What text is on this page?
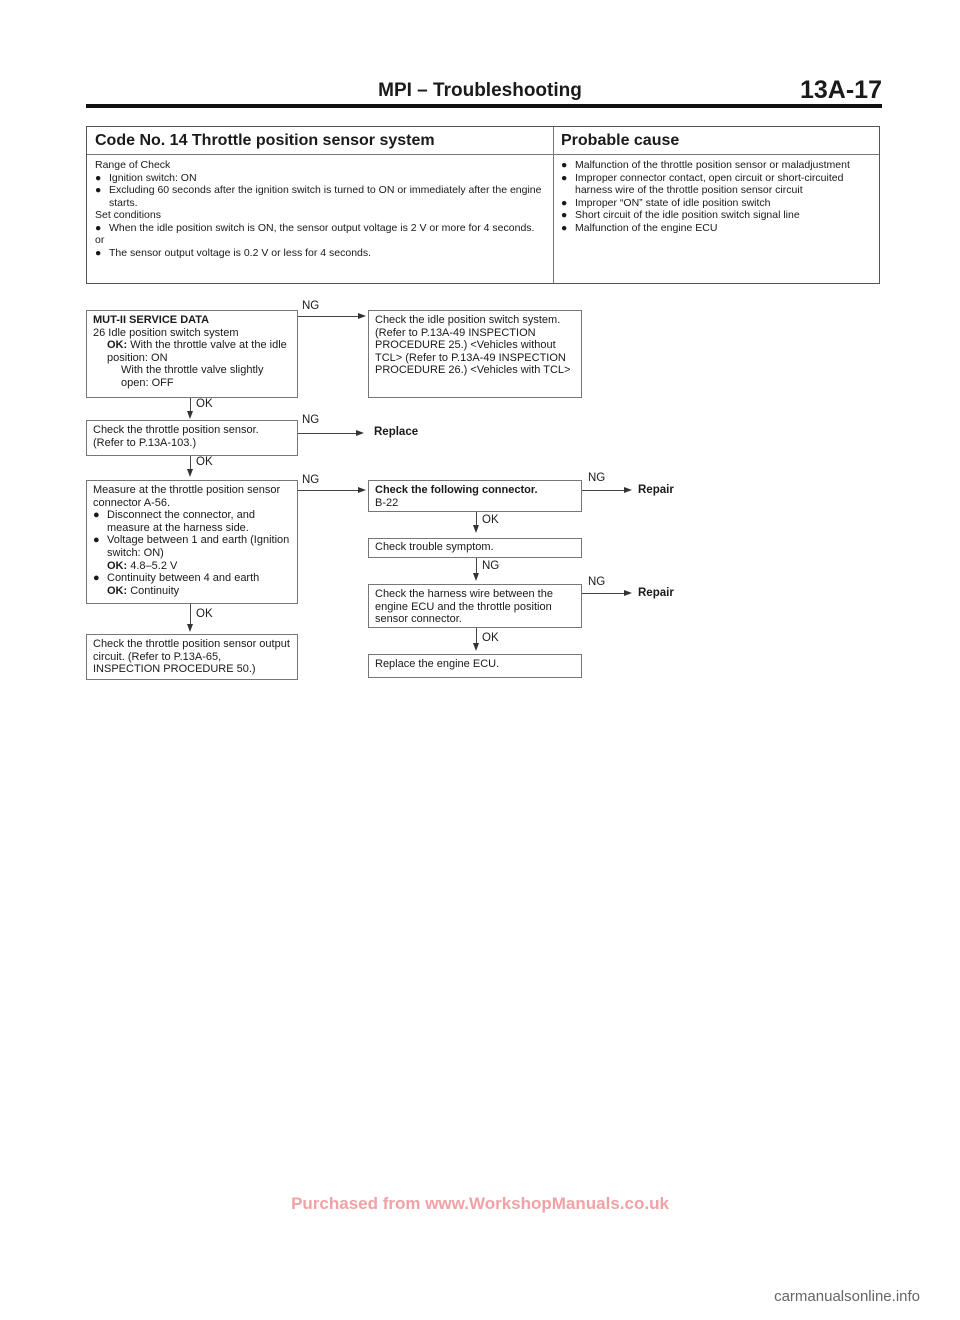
MPI – Troubleshooting	13A-17
Code No. 14 Throttle position sensor system	Probable cause
Range of Check
● Ignition switch: ON
● Excluding 60 seconds after the ignition switch is turned to ON or immediately after the engine starts.
Set conditions
● When the idle position switch is ON, the sensor output voltage is 2 V or more for 4 seconds.
or
● The sensor output voltage is 0.2 V or less for 4 seconds.
● Malfunction of the throttle position sensor or maladjustment
● Improper connector contact, open circuit or short-circuited harness wire of the throttle position sensor circuit
● Improper “ON” state of idle position switch
● Short circuit of the idle position switch signal line
● Malfunction of the engine ECU
MUT-II SERVICE DATA
26 Idle position switch system
OK: With the throttle valve at the idle position: ON
With the throttle valve slightly open: OFF
NG
Check the idle position switch system. (Refer to P.13A-49 INSPECTION PROCEDURE 25.) <Vehicles without TCL> (Refer to P.13A-49 INSPECTION PROCEDURE 26.) <Vehicles with TCL>
OK
Check the throttle position sensor. (Refer to P.13A-103.)
NG
Replace
OK
Measure at the throttle position sensor connector A-56.
● Disconnect the connector, and measure at the harness side.
● Voltage between 1 and earth (Ignition switch: ON)
OK: 4.8–5.2 V
● Continuity between 4 and earth
OK: Continuity
NG
OK
Check the throttle position sensor output circuit. (Refer to P.13A-65, INSPECTION PROCEDURE 50.)
Check the following connector.
B-22
NG
Repair
OK
Check trouble symptom.
NG
Check the harness wire between the engine ECU and the throttle position sensor connector.
NG
Repair
OK
Replace the engine ECU.
Purchased from www.WorkshopManuals.co.uk
carmanualsonline.info
